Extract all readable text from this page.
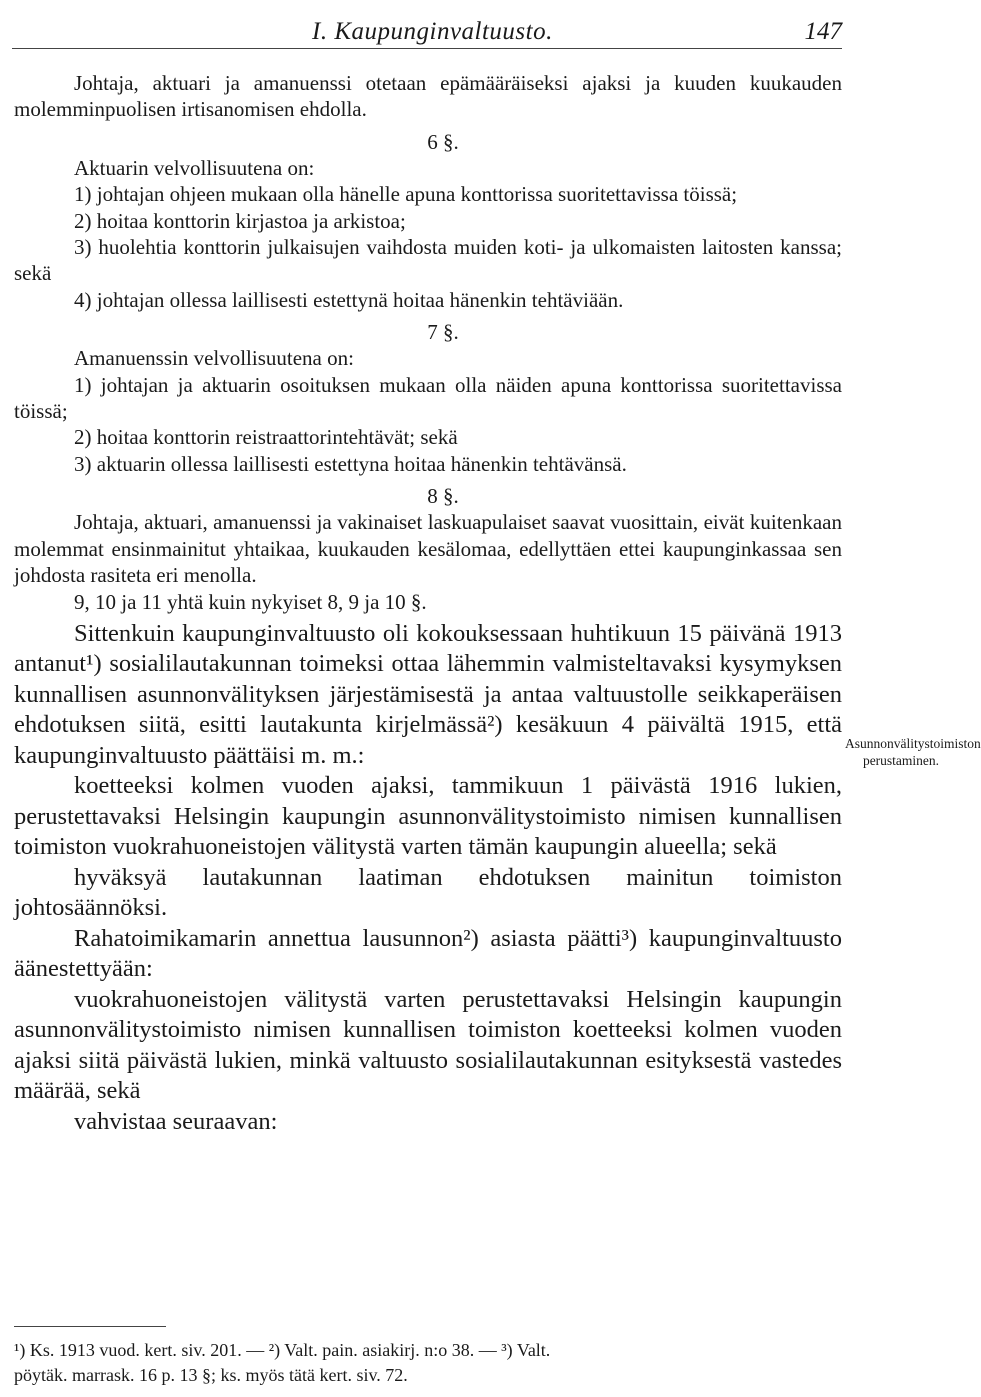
I. Kaupunginvaltuusto.	147

Johtaja, aktuari ja amanuenssi otetaan epämääräiseksi ajaksi ja kuuden kuukauden molemminpuolisen irtisanomisen ehdolla.

6 §.

Aktuarin velvollisuutena on:

1) johtajan ohjeen mukaan olla hänelle apuna konttorissa suoritettavissa töissä;

2) hoitaa konttorin kirjastoa ja arkistoa;

3) huolehtia konttorin julkaisujen vaihdosta muiden koti- ja ulkomaisten laitosten kanssa; sekä

4) johtajan ollessa laillisesti estettynä hoitaa hänenkin tehtäviään.

7 §.

Amanuenssin velvollisuutena on:

1) johtajan ja aktuarin osoituksen mukaan olla näiden apuna konttorissa suoritettavissa töissä;

2) hoitaa konttorin reistraattorintehtävät; sekä

3) aktuarin ollessa laillisesti estettyna hoitaa hänenkin tehtävänsä.

8 §.

Johtaja, aktuari, amanuenssi ja vakinaiset laskuapulaiset saavat vuosittain, eivät kuitenkaan molemmat ensinmainitut yhtaikaa, kuukauden kesälomaa, edellyttäen ettei kaupunginkassaa sen johdosta rasiteta eri menolla.

9, 10 ja 11 yhtä kuin nykyiset 8, 9 ja 10 §.

Sittenkuin kaupunginvaltuusto oli kokouksessaan huhtikuun 15 päivänä 1913 antanut¹) sosialilautakunnan toimeksi ottaa lähemmin valmisteltavaksi kysymyksen kunnallisen asunnonvälityksen järjestämisestä ja antaa valtuustolle seikkaperäisen ehdotuksen siitä, esitti lautakunta kirjelmässä²) kesäkuun 4 päivältä 1915, että kaupunginvaltuusto päättäisi m. m.:

koetteeksi kolmen vuoden ajaksi, tammikuun 1 päivästä 1916 lukien, perustettavaksi Helsingin kaupungin asunnonvälitystoimisto nimisen kunnallisen toimiston vuokrahuoneistojen välitystä varten tämän kaupungin alueella; sekä

hyväksyä lautakunnan laatiman ehdotuksen mainitun toimiston johtosäännöksi.

Rahatoimikamarin annettua lausunnon²) asiasta päätti³) kaupunginvaltuusto äänestettyään:

vuokrahuoneistojen välitystä varten perustettavaksi Helsingin kaupungin asunnonvälitystoimisto nimisen kunnallisen toimiston koetteeksi kolmen vuoden ajaksi siitä päivästä lukien, minkä valtuusto sosialilautakunnan esityksestä vastedes määrää, sekä

vahvistaa seuraavan:

Asunnonvälitystoimiston perustaminen.
¹) Ks. 1913 vuod. kert. siv. 201. — ²) Valt. pain. asiakirj. n:o 38. — ³) Valt.
pöytäk. marrask. 16 p. 13 §; ks. myös tätä kert. siv. 72.
